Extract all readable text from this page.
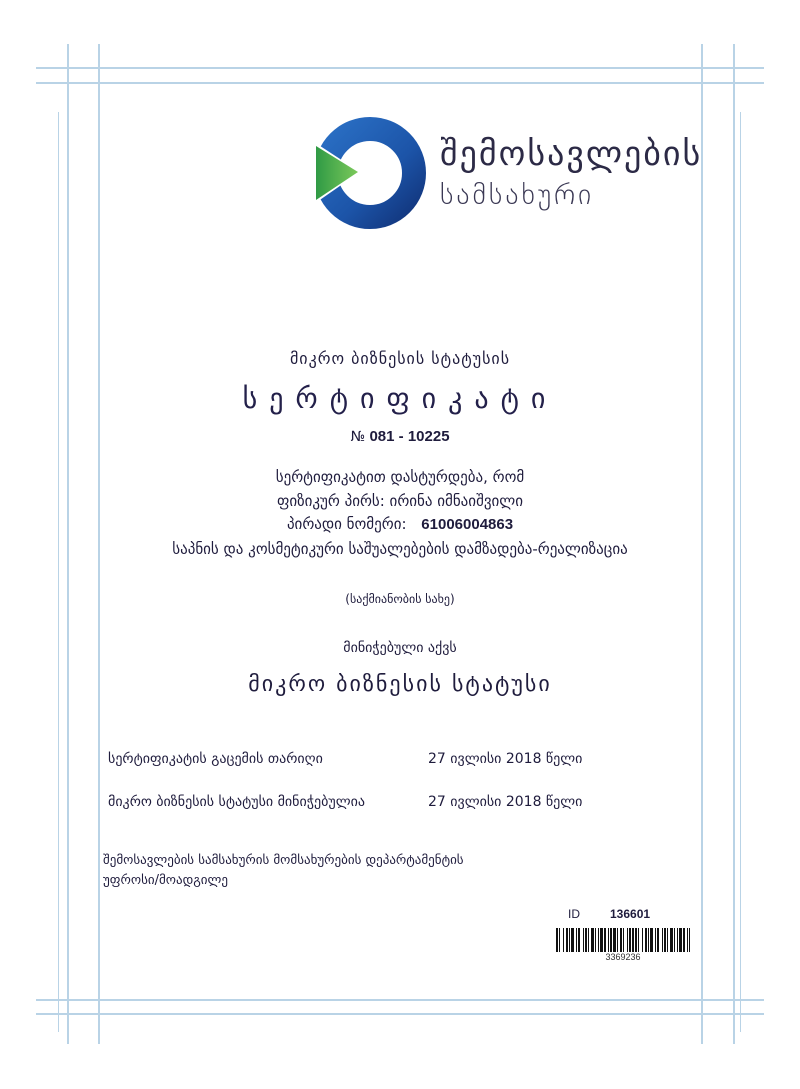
შემოსავლების
სამსახური
მიკრო ბიზნესის სტატუსის
სერტიფიკატი
№ 081 - 10225
სერტიფიკატით დასტურდება, რომ
ფიზიკურ პირს: ირინა იმნაიშვილი
პირადი ნომერი: 61006004863
საპნის და კოსმეტიკური საშუალებების დამზადება-რეალიზაცია
(საქმიანობის სახე)
მინიჭებული აქვს
მიკრო ბიზნესის სტატუსი
სერტიფიკატის გაცემის თარიღი	27 ივლისი 2018 წელი
მიკრო ბიზნესის სტატუსი მინიჭებულია	27 ივლისი 2018 წელი
შემოსავლების სამსახურის მომსახურების დეპარტამენტის
უფროსი/მოადგილე
ID	136601
3369236
